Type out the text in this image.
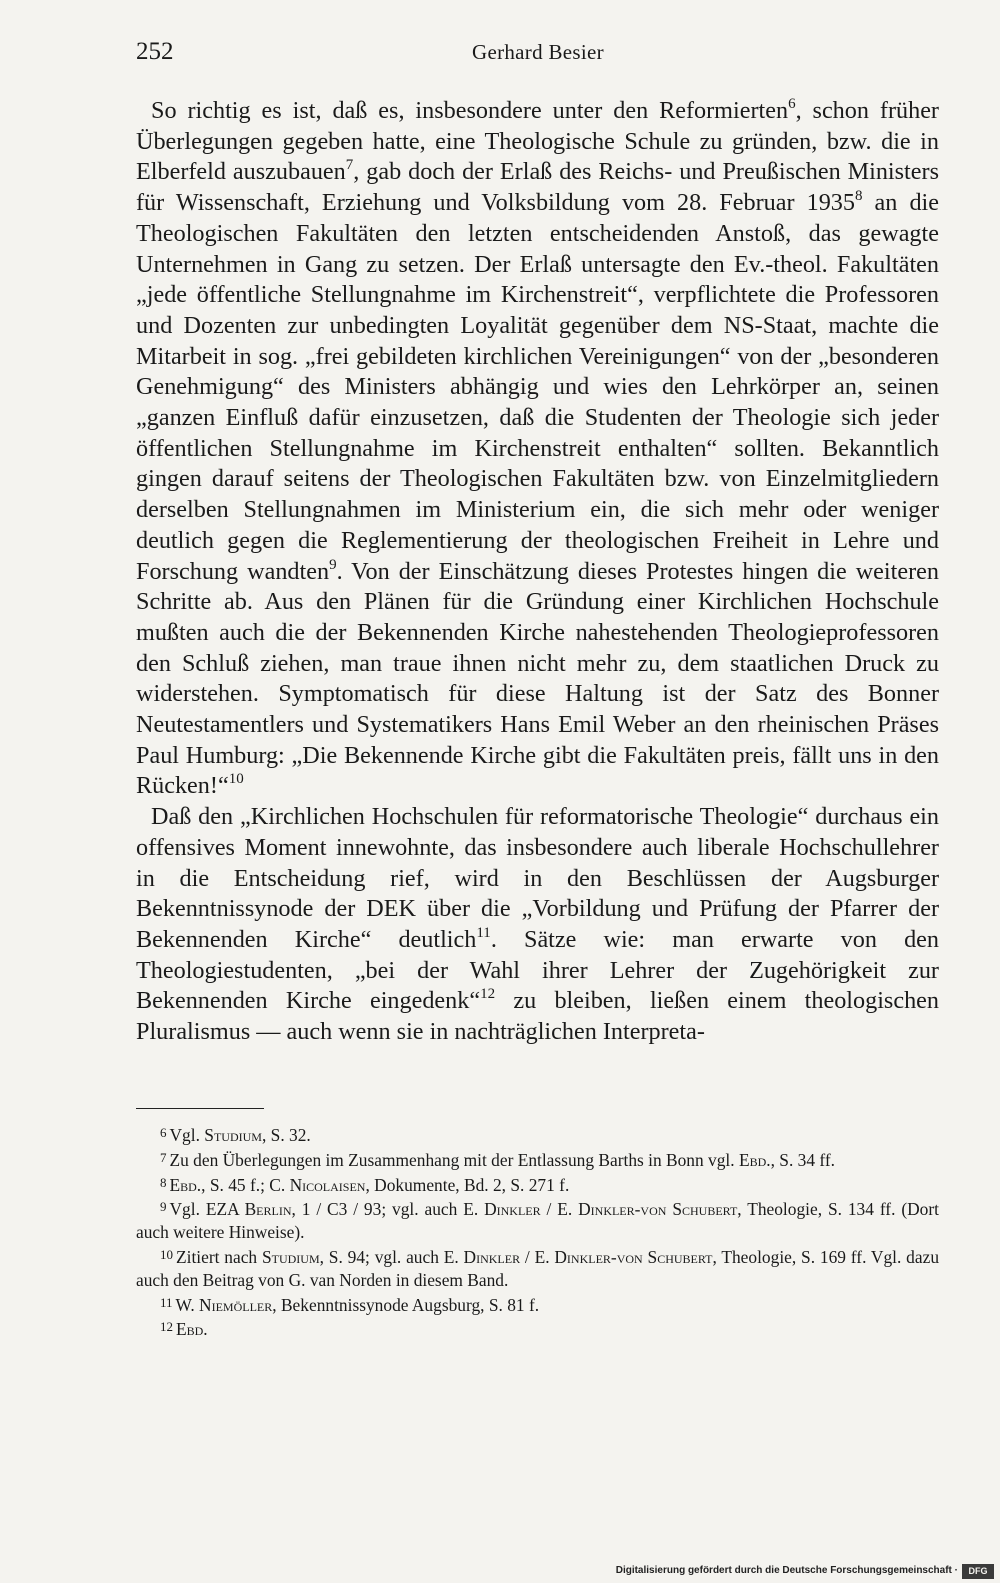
252	Gerhard Besier

So richtig es ist, daß es, insbesondere unter den Reformierten$^6$, schon früher Überlegungen gegeben hatte, eine Theologische Schule zu gründen, bzw. die in Elberfeld auszubauen$^7$, gab doch der Erlaß des Reichs- und Preußischen Ministers für Wissenschaft, Erziehung und Volksbildung vom 28. Februar 1935$^8$ an die Theologischen Fakultäten den letzten entscheidenden Anstoß, das gewagte Unternehmen in Gang zu setzen. Der Erlaß untersagte den Ev.-theol. Fakultäten „jede öffentliche Stellungnahme im Kirchenstreit“, verpflichtete die Professoren und Dozenten zur unbedingten Loyalität gegenüber dem NS-Staat, machte die Mitarbeit in sog. „frei gebildeten kirchlichen Vereinigungen“ von der „besonderen Genehmigung“ des Ministers abhängig und wies den Lehrkörper an, seinen „ganzen Einfluß dafür einzusetzen, daß die Studenten der Theologie sich jeder öffentlichen Stellungnahme im Kirchenstreit enthalten“ sollten. Bekanntlich gingen darauf seitens der Theologischen Fakultäten bzw. von Einzelmitgliedern derselben Stellungnahmen im Ministerium ein, die sich mehr oder weniger deutlich gegen die Reglementierung der theologischen Freiheit in Lehre und Forschung wandten$^9$. Von der Einschätzung dieses Protestes hingen die weiteren Schritte ab. Aus den Plänen für die Gründung einer Kirchlichen Hochschule mußten auch die der Bekennenden Kirche nahestehenden Theologieprofessoren den Schluß ziehen, man traue ihnen nicht mehr zu, dem staatlichen Druck zu widerstehen. Symptomatisch für diese Haltung ist der Satz des Bonner Neutestamentlers und Systematikers Hans Emil Weber an den rheinischen Präses Paul Humburg: „Die Bekennende Kirche gibt die Fakultäten preis, fällt uns in den Rücken!“$^{10}$

Daß den „Kirchlichen Hochschulen für reformatorische Theologie“ durchaus ein offensives Moment innewohnte, das insbesondere auch liberale Hochschullehrer in die Entscheidung rief, wird in den Beschlüssen der Augsburger Bekenntnissynode der DEK über die „Vorbildung und Prüfung der Pfarrer der Bekennenden Kirche“ deutlich$^{11}$. Sätze wie: man erwarte von den Theologiestudenten, „bei der Wahl ihrer Lehrer der Zugehörigkeit zur Bekennenden Kirche eingedenk“$^{12}$ zu bleiben, ließen einem theologischen Pluralismus — auch wenn sie in nachträglichen Interpreta-

$^6$ Vgl. Studium, S. 32.

$^7$ Zu den Überlegungen im Zusammenhang mit der Entlassung Barths in Bonn vgl. Ebd., S. 34 ff.

$^8$ Ebd., S. 45 f.; C. Nicolaisen, Dokumente, Bd. 2, S. 271 f.

$^9$ Vgl. EZA Berlin, 1 / C3 / 93; vgl. auch E. Dinkler / E. Dinkler-von Schubert, Theologie, S. 134 ff. (Dort auch weitere Hinweise).

$^{10}$ Zitiert nach Studium, S. 94; vgl. auch E. Dinkler / E. Dinkler-von Schubert, Theologie, S. 169 ff. Vgl. dazu auch den Beitrag von G. van Norden in diesem Band.

$^{11}$ W. Niemöller, Bekenntnissynode Augsburg, S. 81 f.

$^{12}$ Ebd.

Digitalisierung gefördert durch die Deutsche Forschungsgemeinschaft ·	DFG
